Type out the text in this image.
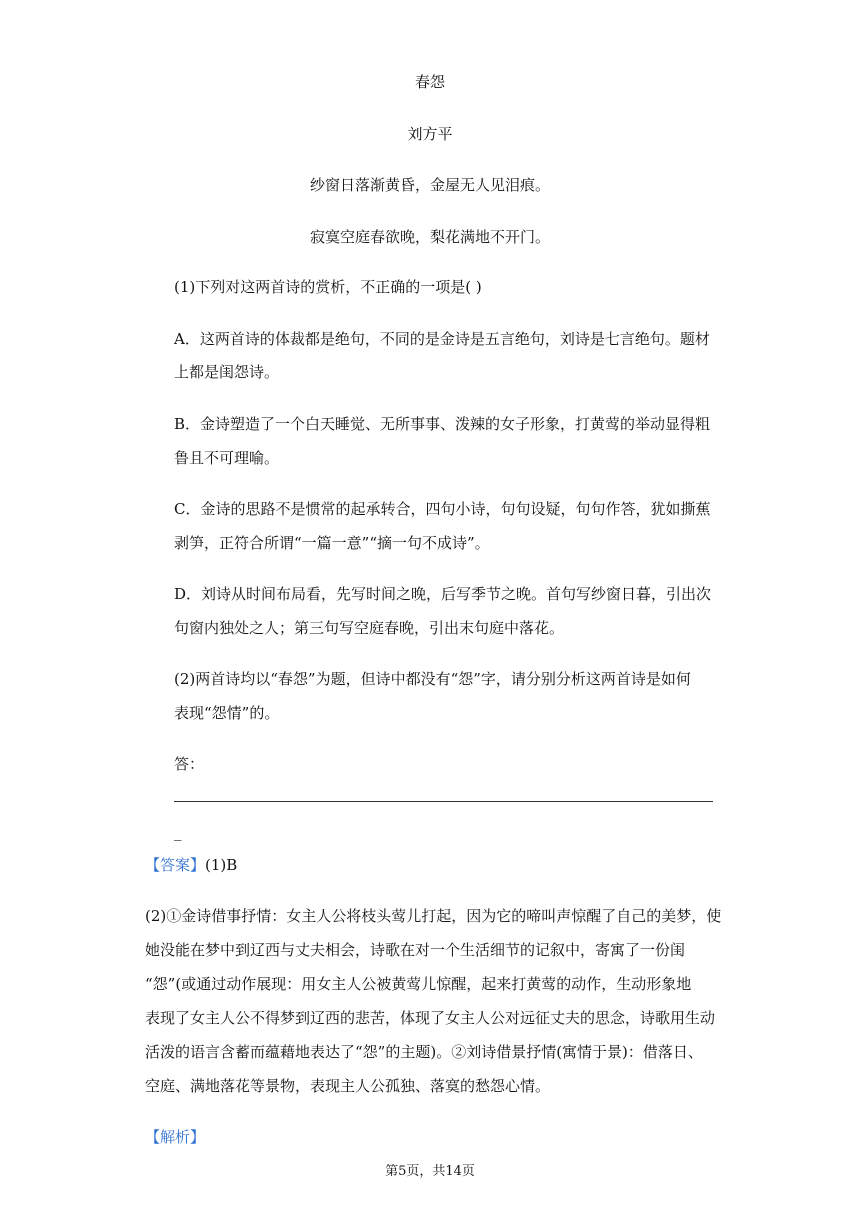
春怨
刘方平
纱窗日落渐黄昏，金屋无人见泪痕。
寂寞空庭春欲晚，梨花满地不开门。
(1)下列对这两首诗的赏析，不正确的一项是( )
A．这两首诗的体裁都是绝句，不同的是金诗是五言绝句，刘诗是七言绝句。题材
上都是闺怨诗。
B．金诗塑造了一个白天睡觉、无所事事、泼辣的女子形象，打黄莺的举动显得粗
鲁且不可理喻。
C．金诗的思路不是惯常的起承转合，四句小诗，句句设疑，句句作答，犹如撕蕉
剥笋，正符合所谓“一篇一意”“摘一句不成诗”。
D．刘诗从时间布局看，先写时间之晚，后写季节之晚。首句写纱窗日暮，引出次
句窗内独处之人；第三句写空庭春晚，引出末句庭中落花。
(2)两首诗均以“春怨”为题，但诗中都没有“怨”字，请分别分析这两首诗是如何
表现“怨情”的。
答：
_
【答案】(1)B
(2)①金诗借事抒情：女主人公将枝头莺儿打起，因为它的啼叫声惊醒了自己的美梦，使
她没能在梦中到辽西与丈夫相会，诗歌在对一个生活细节的记叙中，寄寓了一份闺
“怨”(或通过动作展现：用女主人公被黄莺儿惊醒，起来打黄莺的动作，生动形象地
表现了女主人公不得梦到辽西的悲苦，体现了女主人公对远征丈夫的思念，诗歌用生动
活泼的语言含蓄而蕴藉地表达了“怨”的主题)。②刘诗借景抒情(寓情于景)：借落日、
空庭、满地落花等景物，表现主人公孤独、落寞的愁怨心情。
【解析】
第5页，共14页
